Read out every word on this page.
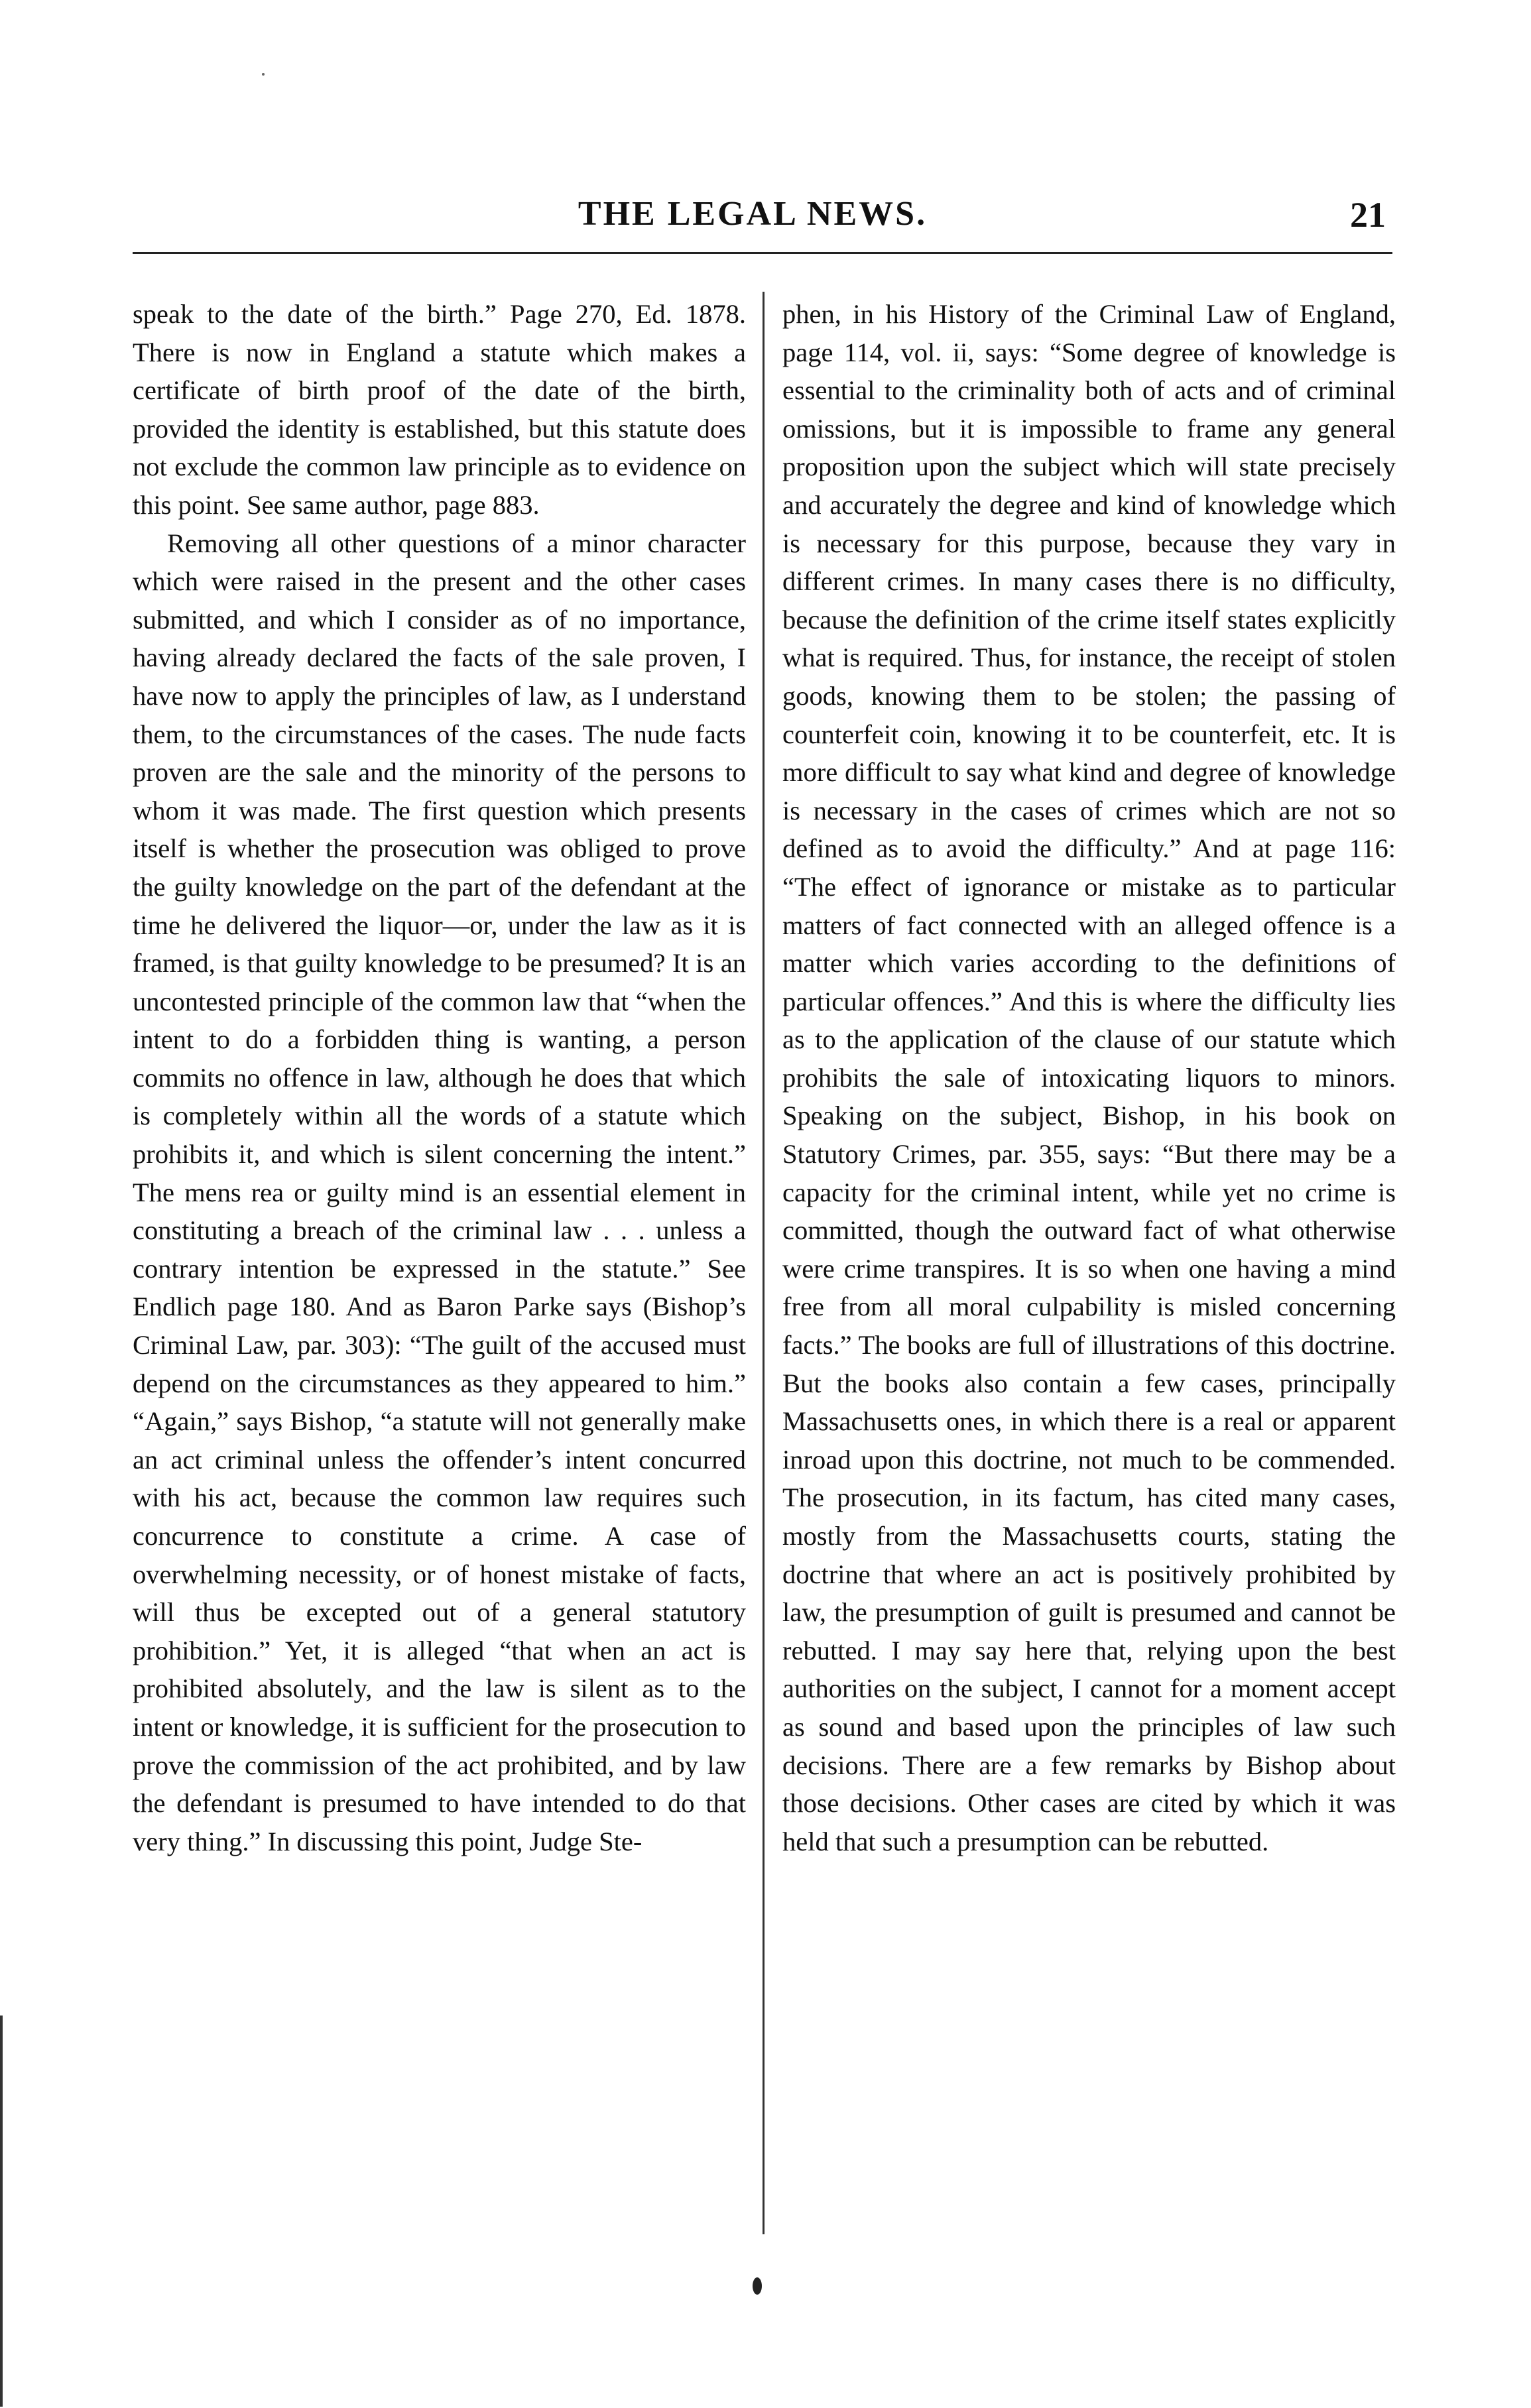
THE LEGAL NEWS.	21

speak to the date of the birth.” Page 270, Ed. 1878. There is now in England a statute which makes a certificate of birth proof of the date of the birth, provided the identity is established, but this statute does not exclude the common law principle as to evidence on this point. See same author, page 883.

Removing all other questions of a minor character which were raised in the present and the other cases submitted, and which I consider as of no importance, having already declared the facts of the sale proven, I have now to apply the principles of law, as I understand them, to the circumstances of the cases. The nude facts proven are the sale and the minority of the persons to whom it was made. The first question which presents itself is whether the prosecution was obliged to prove the guilty knowledge on the part of the defendant at the time he delivered the liquor—or, under the law as it is framed, is that guilty knowledge to be presumed? It is an uncontested principle of the common law that “when the intent to do a forbidden thing is wanting, a person commits no offence in law, although he does that which is completely within all the words of a statute which prohibits it, and which is silent concerning the intent.” The mens rea or guilty mind is an essential element in constituting a breach of the criminal law . . . unless a contrary intention be expressed in the statute.” See Endlich page 180. And as Baron Parke says (Bishop’s Criminal Law, par. 303): “The guilt of the accused must depend on the circumstances as they appeared to him.” “Again,” says Bishop, “a statute will not generally make an act criminal unless the offender’s intent concurred with his act, because the common law requires such concurrence to constitute a crime. A case of overwhelming necessity, or of honest mistake of facts, will thus be excepted out of a general statutory prohibition.” Yet, it is alleged “that when an act is prohibited absolutely, and the law is silent as to the intent or knowledge, it is sufficient for the prosecution to prove the commission of the act prohibited, and by law the defendant is presumed to have intended to do that very thing.” In discussing this point, Judge Ste-

phen, in his History of the Criminal Law of England, page 114, vol. ii, says: “Some degree of knowledge is essential to the criminality both of acts and of criminal omissions, but it is impossible to frame any general proposition upon the subject which will state precisely and accurately the degree and kind of knowledge which is necessary for this purpose, because they vary in different crimes. In many cases there is no difficulty, because the definition of the crime itself states explicitly what is required. Thus, for instance, the receipt of stolen goods, knowing them to be stolen; the passing of counterfeit coin, knowing it to be counterfeit, etc. It is more difficult to say what kind and degree of knowledge is necessary in the cases of crimes which are not so defined as to avoid the difficulty.” And at page 116: “The effect of ignorance or mistake as to particular matters of fact connected with an alleged offence is a matter which varies according to the definitions of particular offences.” And this is where the difficulty lies as to the application of the clause of our statute which prohibits the sale of intoxicating liquors to minors. Speaking on the subject, Bishop, in his book on Statutory Crimes, par. 355, says: “But there may be a capacity for the criminal intent, while yet no crime is committed, though the outward fact of what otherwise were crime transpires. It is so when one having a mind free from all moral culpability is misled concerning facts.” The books are full of illustrations of this doctrine. But the books also contain a few cases, principally Massachusetts ones, in which there is a real or apparent inroad upon this doctrine, not much to be commended. The prosecution, in its factum, has cited many cases, mostly from the Massachusetts courts, stating the doctrine that where an act is positively prohibited by law, the presumption of guilt is presumed and cannot be rebutted. I may say here that, relying upon the best authorities on the subject, I cannot for a moment accept as sound and based upon the principles of law such decisions. There are a few remarks by Bishop about those decisions. Other cases are cited by which it was held that such a presumption can be rebutted.
